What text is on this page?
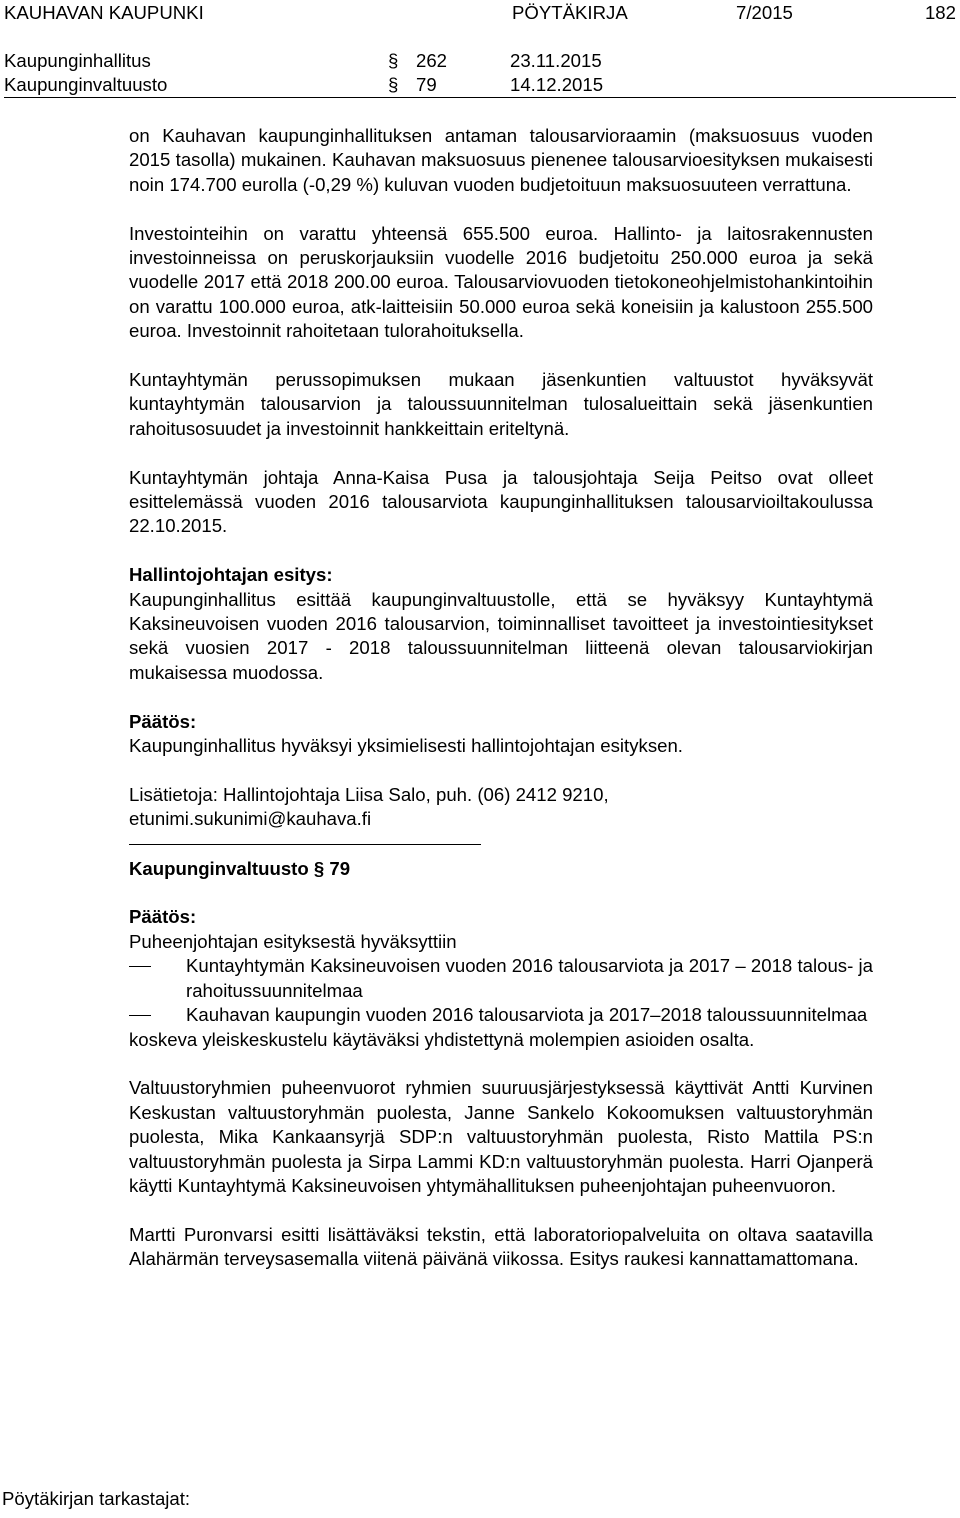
KAUHAVAN KAUPUNKI	PÖYTÄKIRJA	7/2015	182
Kaupunginhallitus	§ 262	23.11.2015
Kaupunginvaltuusto	§ 79	14.12.2015

on Kauhavan kaupunginhallituksen antaman talousarvioraamin (maksuosuus vuoden 2015 tasolla) mukainen. Kauhavan maksuosuus pienenee talousarvioesityksen mukaisesti noin 174.700 eurolla (-0,29 %) kuluvan vuoden budjetoituun maksuosuuteen verrattuna.

Investointeihin on varattu yhteensä 655.500 euroa. Hallinto- ja laitosrakennusten investoinneissa on peruskorjauksiin vuodelle 2016 budjetoitu 250.000 euroa ja sekä vuodelle 2017 että 2018 200.00 euroa. Talousarviovuoden tietokoneohjelmistohankintoihin on varattu 100.000 euroa, atk-laitteisiin 50.000 euroa sekä koneisiin ja kalustoon 255.500 euroa. Investoinnit rahoitetaan tulorahoituksella.

Kuntayhtymän perussopimuksen mukaan jäsenkuntien valtuustot hyväksyvät kuntayhtymän talousarvion ja taloussuunnitelman tulosalueittain sekä jäsenkuntien rahoitusosuudet ja investoinnit hankkeittain eriteltynä.

Kuntayhtymän johtaja Anna-Kaisa Pusa ja talousjohtaja Seija Peitso ovat olleet esittelemässä vuoden 2016 talousarviota kaupunginhallituksen talousarvioiltakoulussa 22.10.2015.

Hallintojohtajan esitys:

Kaupunginhallitus esittää kaupunginvaltuustolle, että se hyväksyy Kuntayhtymä Kaksineuvoisen vuoden 2016 talousarvion, toiminnalliset tavoitteet ja investointiesitykset sekä vuosien 2017 - 2018 taloussuunnitelman liitteenä olevan talousarviokirjan mukaisessa muodossa.

Päätös:

Kaupunginhallitus hyväksyi yksimielisesti hallintojohtajan esityksen.

Lisätietoja: Hallintojohtaja Liisa Salo, puh. (06) 2412 9210,

etunimi.sukunimi@kauhava.fi

Kaupunginvaltuusto § 79

Päätös:

Puheenjohtajan esityksestä hyväksyttiin

Kuntayhtymän Kaksineuvoisen vuoden 2016 talousarviota ja 2017 – 2018 talous- ja rahoitussuunnitelmaa
Kauhavan kaupungin vuoden 2016 talousarviota ja 2017–2018 taloussuunnitelmaa

koskeva yleiskeskustelu käytäväksi yhdistettynä molempien asioiden osalta.

Valtuustoryhmien puheenvuorot ryhmien suuruusjärjestyksessä käyttivät Antti Kurvinen Keskustan valtuustoryhmän puolesta, Janne Sankelo Kokoomuksen valtuustoryhmän puolesta, Mika Kankaansyrjä SDP:n valtuustoryhmän puolesta, Risto Mattila PS:n valtuustoryhmän puolesta ja Sirpa Lammi KD:n valtuustoryhmän puolesta. Harri Ojanperä käytti Kuntayhtymä Kaksineuvoisen yhtymähallituksen puheenjohtajan puheenvuoron.

Martti Puronvarsi esitti lisättäväksi tekstin, että laboratoriopalveluita on oltava saatavilla Alahärmän terveysasemalla viitenä päivänä viikossa. Esitys raukesi kannattamattomana.

Pöytäkirjan tarkastajat:
